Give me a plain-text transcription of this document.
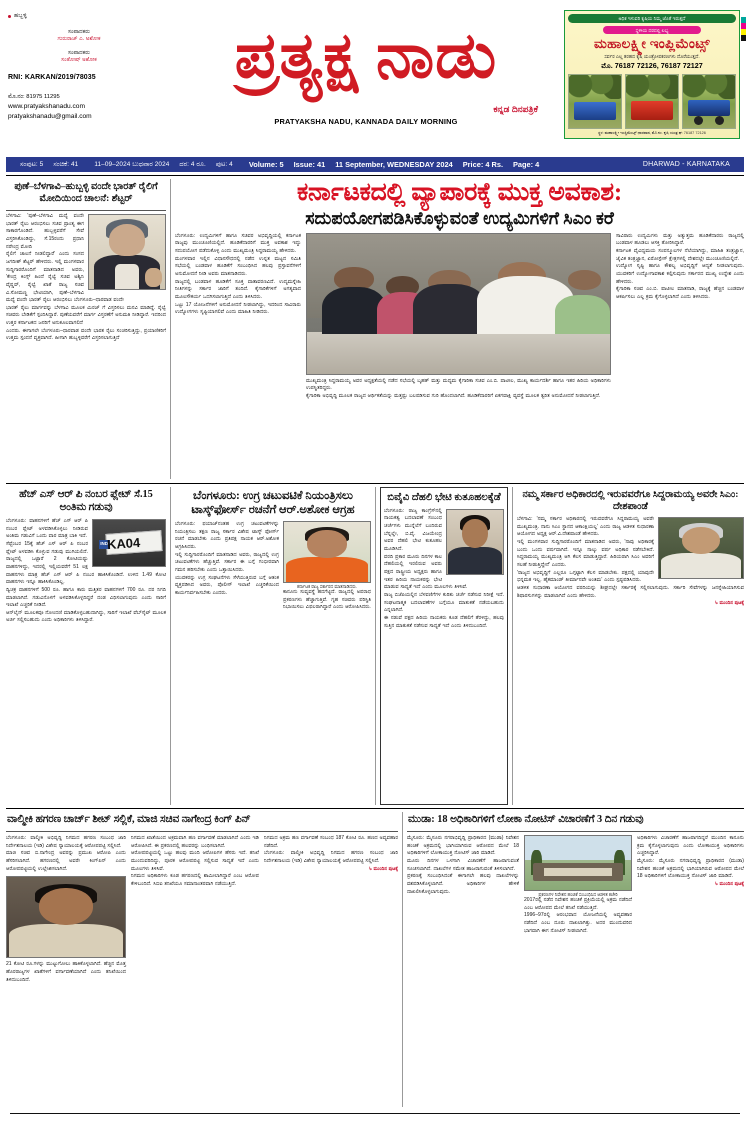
ಹಬ್ಬಳ್ಳಿ
ಸಂಪಾದಕರು
ಗುರುರಾಜ್ ಎ. ಅಶೋಕ
ಸಂಪಾದಕರು
ಸಂತೋಷ್ ಅಶೋಕ
RNI: KARKAN/2019/78035
ಮೊ.ನಂ: 81975 11295
www.pratyakshanadu.com
pratyakshanadu@gmail.com
ಪ್ರತ್ಯಕ್ಷ ನಾಡು
ಕನ್ನಡ ದಿನಪತ್ರಿಕೆ
PRATYAKSHA NADU, KANNADA DAILY MORNING
ಅಧಿಕ ಇಳುವರಿ ಕೃಷಿಯ ನಿಮ್ಮ ಜೊತೆ ಇರುತ್ತದೆ
ಸ್ಥಳೀಯ ದರದಲ್ಲಿ ಲಭ್ಯ
ಮಹಾಲಕ್ಷ್ಮೀ ಇಂಪ್ಲಿಮೆಂಟ್ಸ್
ಸರ್ವರ ಎಲ್ಲ ತರಹದ ಕೃಷಿ ಯಂತ್ರೋಪಕರಣಗಳು ದೊರೆಯುತ್ತದೆ.
ಮೊ. 76187 72126, 76187 72127
ಸ್ಥಳ: ಮಹಾಲಕ್ಷ್ಮೀ ಇಂಪ್ಲಿಮೆಂಟ್ಸ್ ಧಾರವಾಡ, ಮೊ.ನಂ. ಕೃಷಿ ಯಂತ್ರ ಘ: 76187 72126
ಸಂಪುಟ: 5 ಸಂಚಿಕೆ: 41	11–09–2024 ಬುಧವಾರ 2024 ದರ: 4 ರೂ. ಪುಟ: 4 Volume: 5 Issue: 41 11 September, WEDNESDAY 2024 Price: 4 Rs. Page: 4	DHARWAD - KARNATAKA
ಪುಣೆ–ಬೆಳಗಾವಿ–ಹುಬ್ಬಳ್ಳಿ ವಂದೇ ಭಾರತ್ ರೈಲಿಗೆ ಮೋದಿಯಿಂದ ಚಾಲನೆ: ಶೆಟ್ಟರ್

ಬೆಳಗಾವಿ: 'ಪುಣೆ–ಬೆಳಗಾವಿ ಮಧ್ಯೆ ವಂದೇ ಭಾರತ್ ರೈಲು ಆರಂಭಿಸಲು ಸಚಿವ ಪ್ರಾಂತ್ಯ ಈಗ ಸಾಕಾರಗೊಂಡಿದೆ. ಹುಬ್ಬಳ್ಳಿವರೆಗೆ ಸೇವೆ ವಿಸ್ತರಿಸಿಕೊಂಡಿದ್ದು, ಸೆ.15ರಂದು ಪ್ರಧಾನಿ ನರೇಂದ್ರ ಮೋದಿ

ರೈಲಿಗೆ ಚಾಲನೆ ನೀಡಲಿದ್ದಾರೆ' ಎಂದು ಸಂಸದ ಜಗದೀಶ್ ಶೆಟ್ಟರ್ ಹೇಳಿದರು. ಇಲ್ಲಿ ಮಂಗಳವಾರ ಸುದ್ದಿಗಾರರೊಂದಿಗೆ ಮಾತನಾಡಿದ ಅವರು, 'ಕೇಂದ್ರ ಕಿಂಗ್ಸ್ ಹಿಂದೆ ರೈಲ್ವೆ ಸಚಿವ ಅಶ್ವಿನಿ ವೈಷ್ಣವ್, ರೈಲ್ವೆ ಖಾತೆ ರಾಜ್ಯ ಸಚಿವ ವಿ.ಸೋಮಣ್ಣ ಭೇಟಿಯಾಗಿ, ಪುಣೆ–ಬೆಳಗಾವಿ ಮಧ್ಯೆ ವಂದೇ ಭಾರತ್ ರೈಲು ಆರಂಭಿಸಲು ಬೆಂಗಳೂರು–ಧಾರವಾಡ ವಂದೇ

ಭಾರತ್ ರೈಲು ಮಾರ್ಗವನ್ನು ಬೆಳಗಾವಿ ಮೂಲಕ ಮಿರಜ್ ಗೆ ವಿಸ್ತರಿಸಲು ಮನವಿ ಮಾಡಿದ್ದೆ. ರೈಲ್ವೆ ಸಚಿವರು ಬೇಡಿಕೆಗೆ ಸ್ಪಂದಿಸಿದ್ದಾರೆ. ಪುಣೆಯವರೆಗೆ ಮಾರ್ಗ ವಿಸ್ತರಣೆಗೆ ಅನುಮತಿ ನೀಡಿದ್ದಾರೆ. ಇದರಿಂದ ಉತ್ತರ ಕರ್ನಾಟಕದ ಜನರಿಗೆ ಅನುಕೂಲವಾಗಲಿದೆ

ಎಂದರು. ಈಗಾಗಲೇ ಬೆಂಗಳೂರು–ಧಾರವಾಡ ವಂದೇ ಭಾರತ ರೈಲು ಸಂಚರಿಸುತ್ತಿದ್ದು, ಪ್ರಯಾಣಿಕರಿಗೆ ಉತ್ತಮ ಸ್ಪಂದನೆ ವ್ಯಕ್ತವಾಗಿದೆ. ಹೀಗಾಗಿ ಹುಬ್ಬಳ್ಳಿವರೆಗೆ ವಿಸ್ತರಿಸಲಾಗುತ್ತಿದೆ

ಕರ್ನಾಟಕದಲ್ಲಿ ವ್ಯಾಪಾರಕ್ಕೆ ಮುಕ್ತ ಅವಕಾಶ:
ಸದುಪಯೋಗಪಡಿಸಿಕೊಳ್ಳುವಂತೆ ಉದ್ಯಮಿಗಳಿಗೆ ಸಿಎಂ ಕರೆ

ಬೆಂಗಳೂರು: ಉದ್ಯಮಿಗಳಿಗೆ ಹಾಗೂ ಸಚಿವರ ಅಭಿವೃದ್ಧಿಯಲ್ಲಿ ಕರ್ನಾಟಕ ರಾಜ್ಯವು ಮುಂಚೂಣಿಯಲ್ಲಿದೆ. ಹೂಡಿಕೆದಾರರಿಗೆ ಮುಕ್ತ ಅವಕಾಶ ಇದ್ದು ಸದುಪಯೋಗ ಪಡೆದುಕೊಳ್ಳಿ ಎಂದು ಮುಖ್ಯಮಂತ್ರಿ ಸಿದ್ದರಾಮಯ್ಯ ಹೇಳಿದರು.

ಮಂಗಳವಾರ ಇಲ್ಲಿನ ವಿಧಾನಸೌಧದಲ್ಲಿ ನಡೆದ ಉನ್ನತ ಮಟ್ಟದ ಸಮಿತಿ ಸಭೆಯಲ್ಲಿ ಬಂಡವಾಳ ಹೂಡಿಕೆಗೆ ಸಂಬಂಧಿಸಿದ ಹಲವು ಪ್ರಸ್ತಾವನೆಗಳಿಗೆ ಅನುಮೋದನೆ ನೀಡಿ ಅವರು ಮಾತನಾಡಿದರು.

ರಾಜ್ಯದಲ್ಲಿ ಬಂಡವಾಳ ಹೂಡಿಕೆಗೆ ಸೂಕ್ತ ವಾತಾವರಣವಿದೆ. ಉದ್ಯಮಸ್ನೇಹಿ ನೀತಿಗಳನ್ನು ಸರ್ಕಾರ ಜಾರಿಗೆ ತಂದಿದೆ. ಕೈಗಾರಿಕೆಗಳಿಗೆ ಅಗತ್ಯವಾದ ಮೂಲಸೌಕರ್ಯ ಒದಗಿಸಲಾಗುತ್ತಿದೆ ಎಂದು ತಿಳಿಸಿದರು.

ಒಟ್ಟು 17 ಯೋಜನೆಗಳಿಗೆ ಅನುಮೋದನೆ ನೀಡಲಾಗಿದ್ದು, ಇದರಿಂದ ಸಾವಿರಾರು ಉದ್ಯೋಗಗಳು ಸೃಷ್ಟಿಯಾಗಲಿವೆ ಎಂದು ಮಾಹಿತಿ ನೀಡಿದರು.

ಮುಖ್ಯಮಂತ್ರಿ ಸಿದ್ದರಾಮಯ್ಯ ಅವರ ಅಧ್ಯಕ್ಷತೆಯಲ್ಲಿ ನಡೆದ ಸಭೆಯಲ್ಲಿ ಬೃಹತ್ ಮತ್ತು ಮಧ್ಯಮ ಕೈಗಾರಿಕಾ ಸಚಿವ ಎಂ.ಬಿ. ಪಾಟೀಲ, ಮುಖ್ಯ ಕಾರ್ಯದರ್ಶಿ ಹಾಗೂ ಇತರ ಹಿರಿಯ ಅಧಿಕಾರಿಗಳು ಉಪಸ್ಥಿತರಿದ್ದರು.

ಕೈಗಾರಿಕಾ ಅಭಿವೃದ್ಧಿ ಮೂಲಕ ರಾಜ್ಯದ ಆರ್ಥಿಕತೆಯನ್ನು ಮತ್ತಷ್ಟು ಬಲಪಡಿಸುವ ಗುರಿ ಹೊಂದಲಾಗಿದೆ. ಹೂಡಿಕೆದಾರರಿಗೆ ಏಕಗವಾಕ್ಷಿ ವ್ಯವಸ್ಥೆ ಮೂಲಕ ತ್ವರಿತ ಅನುಮೋದನೆ ನೀಡಲಾಗುತ್ತಿದೆ.

ಸಾವಿರಾರು ಉದ್ಯಮಿಗಳು ಮತ್ತು ಅತ್ಯುತ್ತಮ ಹೂಡಿಕೆದಾರರು ರಾಜ್ಯದಲ್ಲಿ ಬಂಡವಾಳ ಹೂಡಲು ಆಸಕ್ತಿ ತೋರಿಸಿದ್ದಾರೆ.

ಕರ್ನಾಟಕ ವೈವಿಧ್ಯಮಯ ಸಂಪನ್ಮೂಲಗಳ ನೆಲೆಯಾಗಿದ್ದು, ಮಾಹಿತಿ ತಂತ್ರಜ್ಞಾನ, ಜೈವಿಕ ತಂತ್ರಜ್ಞಾನ, ಏರೋಸ್ಪೇಸ್ ಕ್ಷೇತ್ರಗಳಲ್ಲಿ ದೇಶದಲ್ಲೇ ಮುಂಚೂಣಿಯಲ್ಲಿದೆ.

ಉದ್ಯೋಗ ಸೃಷ್ಟಿ ಹಾಗೂ ಕೌಶಲ್ಯ ಅಭಿವೃದ್ಧಿಗೆ ಆದ್ಯತೆ ನೀಡಲಾಗುವುದು. ಯುವಕರಿಗೆ ಉದ್ಯೋಗಾವಕಾಶ ಕಲ್ಪಿಸುವುದು ಸರ್ಕಾರದ ಮುಖ್ಯ ಉದ್ದೇಶ ಎಂದು ಹೇಳಿದರು.

ಕೈಗಾರಿಕಾ ಸಚಿವ ಎಂ.ಬಿ. ಪಾಟೀಲ ಮಾತನಾಡಿ, ರಾಜ್ಯಕ್ಕೆ ಹೆಚ್ಚಿನ ಬಂಡವಾಳ ಆಕರ್ಷಿಸಲು ಎಲ್ಲ ಕ್ರಮ ಕೈಗೊಳ್ಳಲಾಗಿದೆ ಎಂದು ತಿಳಿಸಿದರು.

ಹೆಚ್ ಎಸ್ ಆರ್ ಪಿ ನಂಬರ ಪ್ಲೇಟ್ ಸೆ.15 ಅಂತಿಮ ಗಡುವು
IND
KA04

ಬೆಂಗಳೂರು: ವಾಹನಗಳಿಗೆ ಹೆಚ್ ಎಸ್ ಆರ್ ಪಿ ನಂಬರ ಪ್ಲೇಟ್ ಅಳವಡಿಸಿಕೊಳ್ಳಲು ನೀಡಿರುವ ಅಂತಿಮ ಗಡುವಿಗೆ ಒಂದು ವಾರ ಮಾತ್ರ ಬಾಕಿ ಇದೆ.

ಸೆಪ್ಟೆಂಬರ 15ಕ್ಕೆ ಹೆಚ್ ಎಸ್ ಆರ್ ಪಿ ನಂಬರ ಪ್ಲೇಟ್ ಅಳವಡಿಸಿ ಕೊಳ್ಳುವ ಗಡುವು ಮುಗಿಯಲಿದೆ. ರಾಜ್ಯದಲ್ಲಿ ಒಟ್ಟಾರೆ 2 ಕೋಟಿಯಷ್ಟು ವಾಹನಗಳಿದ್ದು, ಇದರಲ್ಲಿ ಇಲ್ಲಿಯವರೆಗೆ 51 ಲಕ್ಷ ವಾಹನಗಳು ಮಾತ್ರ ಹೆಚ್ ಎಸ್ ಆರ್ ಪಿ ನಂಬರ ಹಾಕಿಸಿಕೊಂಡಿದೆ. ಉಳಿದ 1.49 ಕೋಟಿ ವಾಹನಗಳು ಇನ್ನೂ ಹಾಕಿಸಿಕೊಂಡಿಲ್ಲ.

ದ್ವಿಚಕ್ರ ವಾಹನಗಳಿಗೆ 500 ರೂ. ಹಾಗೂ ಕಾರು ಮತ್ತಿತರ ವಾಹನಗಳಿಗೆ 700 ರೂ. ದರ ನಿಗದಿ ಮಾಡಲಾಗಿದೆ. ಗಡುವಿನೊಳಗೆ ಅಳವಡಿಸಿಕೊಳ್ಳದಿದ್ದರೆ ದಂಡ ವಿಧಿಸಲಾಗುವುದು ಎಂದು ಸಾರಿಗೆ ಇಲಾಖೆ ಎಚ್ಚರಿಕೆ ನೀಡಿದೆ.

ಆನ್‌ಲೈನ್ ಮೂಲಕವೂ ನೋಂದಣಿ ಮಾಡಿಕೊಳ್ಳಬಹುದಾಗಿದ್ದು, ಸಾರಿಗೆ ಇಲಾಖೆ ವೆಬ್‌ಸೈಟ್ ಮೂಲಕ ಅರ್ಜಿ ಸಲ್ಲಿಸಬಹುದು ಎಂದು ಅಧಿಕಾರಿಗಳು ತಿಳಿಸಿದ್ದಾರೆ.

ಬೆಂಗಳೂರು: ಉಗ್ರ ಚಟುವಟಿಕೆ ನಿಯಂತ್ರಿಸಲು ಟಾಸ್ಕ್‌ಫೋರ್ಸ್ ರಚನೆಗೆ ಆರ್.ಅಶೋಕ ಆಗ್ರಹ

ಬೆಂಗಳೂರು: ಫಯಾಜ್‌ನಂತಹ ಉಗ್ರ ಚಟುವಟಿಕೆಗಳನ್ನು ನಿಯಂತ್ರಿಸಲು ತಕ್ಷಣ ರಾಜ್ಯ ಸರ್ಕಾರ ವಿಶೇಷ ಟಾಸ್ಕ್ ಫೋರ್ಸ್ ರಚನೆ ಮಾಡಬೇಕು ಎಂದು ಪ್ರತಿಪಕ್ಷ ನಾಯಕ ಆರ್.ಅಶೋಕ ಆಗ್ರಹಿಸಿದರು.

ಇಲ್ಲಿ ಸುದ್ದಿಗಾರರೊಂದಿಗೆ ಮಾತನಾಡಿದ ಅವರು, ರಾಜ್ಯದಲ್ಲಿ ಉಗ್ರ ಚಟುವಟಿಕೆಗಳು ಹೆಚ್ಚುತ್ತಿವೆ. ಸರ್ಕಾರ ಈ ಬಗ್ಗೆ ಗಂಭೀರವಾಗಿ ಗಮನ ಹರಿಸಬೇಕು ಎಂದು ಒತ್ತಾಯಿಸಿದರು.

ಯುವಕರನ್ನು ಉಗ್ರ ಸಂಘಟನೆಗಳು ಸೆಳೆಯುತ್ತಿರುವ ಬಗ್ಗೆ ಆತಂಕ ವ್ಯಕ್ತಪಡಿಸಿದ ಅವರು, ಪೊಲೀಸ್ ಇಲಾಖೆ ಎಚ್ಚರಿಕೆಯಿಂದ ಕಾರ್ಯನಿರ್ವಹಿಸಬೇಕು ಎಂದರು.

ಕರ್ನಾಟಕ ರಾಜ್ಯ ಸರ್ಕಾರದ ಮಾತನಾಡಿದರು.

ಕಾನೂನು ಸುವ್ಯವಸ್ಥೆ ಹದಗೆಟ್ಟಿದೆ. ರಾಜ್ಯದಲ್ಲಿ ಅಪರಾಧ ಪ್ರಕರಣಗಳು ಹೆಚ್ಚಾಗುತ್ತಿವೆ. ಗೃಹ ಸಚಿವರು ಪರಿಸ್ಥಿತಿ ನಿಭಾಯಿಸಲು ವಿಫಲರಾಗಿದ್ದಾರೆ ಎಂದು ಆರೋಪಿಸಿದರು.

ಬಿವೈವಿ ದೆಹಲಿ ಭೇಟಿ ಕುತೂಹಲಕ್ಕೆಡೆ

ಬೆಂಗಳೂರು: ರಾಜ್ಯ ಕಾಂಗ್ರೆಸ್‌ನಲ್ಲಿ ನಾಯಕತ್ವ ಬದಲಾವಣೆ ಸಂಬಂಧ ಚರ್ಚೆಗಳು ಮುನ್ನೆಲೆಗೆ ಬಂದಿರುವ ಬೆನ್ನಲ್ಲೇ, ಬಿ.ವೈ. ವಿಜಯೇಂದ್ರ ಅವರ ದೆಹಲಿ ಭೇಟಿ ಕುತೂಹಲ ಮೂಡಿಸಿದೆ.

ವರದಿ ಪ್ರಕಾರ ಮೂರು ದಿನಗಳ ಕಾಲ ದೆಹಲಿಯಲ್ಲಿ ಇರಲಿರುವ ಅವರು ಪಕ್ಷದ ರಾಷ್ಟ್ರೀಯ ಅಧ್ಯಕ್ಷರು ಹಾಗೂ ಇತರ ಹಿರಿಯ ನಾಯಕರನ್ನು ಭೇಟಿ ಮಾಡುವ ಸಾಧ್ಯತೆ ಇದೆ ಎಂದು ಮೂಲಗಳು ತಿಳಿಸಿವೆ.

ರಾಜ್ಯ ಬಿಜೆಪಿಯಲ್ಲಿನ ಬೆಳವಣಿಗೆಗಳ ಕುರಿತು ಚರ್ಚೆ ನಡೆಸುವ ನಿರೀಕ್ಷೆ ಇದೆ. ಸಂಘಟನಾತ್ಮಕ ಬದಲಾವಣೆಗಳ ಬಗ್ಗೆಯೂ ಮಾತುಕತೆ ನಡೆಯಬಹುದು ಎನ್ನಲಾಗಿದೆ.

ಈ ನಡುವೆ ಪಕ್ಷದ ಹಿರಿಯ ನಾಯಕರು ಕೂಡ ದೆಹಲಿಗೆ ತೆರಳಿದ್ದು, ಹಲವು ಸುತ್ತಿನ ಮಾತುಕತೆ ನಡೆಸುವ ಸಾಧ್ಯತೆ ಇದೆ ಎಂದು ತಿಳಿದುಬಂದಿದೆ.

ನಮ್ಮ ಸರ್ಕಾರ ಅಧಿಕಾರದಲ್ಲಿ ಇರುವವರೆಗೂ ಸಿದ್ದರಾಮಯ್ಯ ಅವರೇ ಸಿಎಂ: ದೇಶಪಾಂಡೆ

ಬೆಳಗಾವಿ: 'ನಮ್ಮ ಸರ್ಕಾರ ಅಧಿಕಾರದಲ್ಲಿ ಇರುವವರೆಗೂ ಸಿದ್ದರಾಮಯ್ಯ ಅವರೇ ಮುಖ್ಯಮಂತ್ರಿ. ನಾನು ಸಿಎಂ ಸ್ಥಾನದ ಆಕಾಂಕ್ಷಿಯಲ್ಲ' ಎಂದು ರಾಜ್ಯ ಆಡಳಿತ ಸುಧಾರಣಾ ಆಯೋಗದ ಅಧ್ಯಕ್ಷ ಆರ್.ವಿ.ದೇಶಪಾಂಡೆ ಹೇಳಿದರು.

ಇಲ್ಲಿ ಮಂಗಳವಾರ ಸುದ್ದಿಗಾರರೊಂದಿಗೆ ಮಾತನಾಡಿದ ಅವರು, 'ನಾವು ಅಧಿಕಾರಕ್ಕೆ ಬಂದು ಒಂದು ವರ್ಷವಾಗಿದೆ. ಇನ್ನೂ ನಾಲ್ಕು ವರ್ಷ ಅಧಿಕಾರ ನಡೆಸಬೇಕಿದೆ. ಸಿದ್ದರಾಮಯ್ಯ ಮುಖ್ಯಮಂತ್ರಿ ಆಗಿ ಕೆಲಸ ಮಾಡುತ್ತಿದ್ದಾರೆ. ಹಿರಿಯರಾಗಿ ಸಿಎಂ ಅವರಿಗೆ ಸಲಹೆ ನೀಡುತ್ತಿದ್ದೇನೆ' ಎಂದರು.

'ರಾಜ್ಯದ ಅಭಿವೃದ್ಧಿಗೆ ಎಲ್ಲರೂ ಒಗ್ಗಟ್ಟಾಗಿ ಕೆಲಸ ಮಾಡಬೇಕು. ಪಕ್ಷದಲ್ಲಿ ಯಾವುದೇ ಭಿನ್ನಮತ ಇಲ್ಲ. ಹೈಕಮಾಂಡ್ ತೀರ್ಮಾನವೇ ಅಂತಿಮ' ಎಂದು ಸ್ಪಷ್ಟಪಡಿಸಿದರು.

ಆಡಳಿತ ಸುಧಾರಣಾ ಆಯೋಗದ ವರದಿಯನ್ನು ಶೀಘ್ರದಲ್ಲೇ ಸರ್ಕಾರಕ್ಕೆ ಸಲ್ಲಿಸಲಾಗುವುದು. ಸರ್ಕಾರಿ ಸೇವೆಗಳನ್ನು ಜನಸ್ನೇಹಿಯಾಗಿಸುವ ಶಿಫಾರಸುಗಳನ್ನು ಮಾಡಲಾಗಿದೆ ಎಂದು ಹೇಳಿದರು.

↳ಮುಂದಿನ ಪುಟಕ್ಕೆ
ವಾಲ್ಮೀಕಿ ಹಗರಣ ಚಾರ್ಜ್ ಶೀಟ್ ಸಲ್ಲಿಕೆ, ಮಾಜಿ ಸಚಿವ ನಾಗೇಂದ್ರ ಕಿಂಗ್ ಪಿನ್

ಬೆಂಗಳೂರು: ವಾಲ್ಮೀಕಿ ಅಭಿವೃದ್ಧಿ ನಿಗಮದ ಹಗರಣ ಸಂಬಂಧ ಜಾರಿ ನಿರ್ದೇಶನಾಲಯ (ಇಡಿ) ವಿಶೇಷ ನ್ಯಾಯಾಲಯಕ್ಕೆ ಆರೋಪಪಟ್ಟಿ ಸಲ್ಲಿಸಿದೆ.

ಮಾಜಿ ಸಚಿವ ಬಿ.ನಾಗೇಂದ್ರ ಅವರನ್ನು ಪ್ರಮುಖ ಆರೋಪಿ ಎಂದು ಹೆಸರಿಸಲಾಗಿದೆ. ಹಗರಣದಲ್ಲಿ ಅವರೇ ಕಿಂಗ್‌ಪಿನ್ ಎಂದು ಆರೋಪಪಟ್ಟಿಯಲ್ಲಿ ಉಲ್ಲೇಖಿಸಲಾಗಿದೆ.

21 ಕೋಟಿ ರೂ.ಗಳನ್ನು ಮುಟ್ಟುಗೋಲು ಹಾಕಿಕೊಳ್ಳಲಾಗಿದೆ. ಹೆಚ್ಚಿನ ಮೊತ್ತ ಹೊರರಾಜ್ಯಗಳ ಖಾತೆಗಳಿಗೆ ವರ್ಗಾವಣೆಯಾಗಿದೆ ಎಂದು ತನಿಖೆಯಿಂದ ತಿಳಿದುಬಂದಿದೆ.

ನಿಗಮದ ಖಾತೆಯಿಂದ ಅಕ್ರಮವಾಗಿ ಹಣ ವರ್ಗಾವಣೆ ಮಾಡಲಾಗಿದೆ ಎಂದು ಇಡಿ ಆರೋಪಿಸಿದೆ. ಈ ಪ್ರಕರಣದಲ್ಲಿ ಹಲವರನ್ನು ಬಂಧಿಸಲಾಗಿದೆ.

ಆರೋಪಪಟ್ಟಿಯಲ್ಲಿ ಒಟ್ಟು ಹಲವು ಮಂದಿ ಆರೋಪಿಗಳ ಹೆಸರು ಇದೆ. ತನಿಖೆ ಮುಂದುವರಿದಿದ್ದು, ಪೂರಕ ಆರೋಪಪಟ್ಟಿ ಸಲ್ಲಿಸುವ ಸಾಧ್ಯತೆ ಇದೆ ಎಂದು ಮೂಲಗಳು ತಿಳಿಸಿವೆ.

ನಿಗಮದ ಅಧಿಕಾರಿಗಳು ಕೂಡ ಹಗರಣದಲ್ಲಿ ಶಾಮೀಲಾಗಿದ್ದಾರೆ ಎಂಬ ಆರೋಪ ಕೇಳಿಬಂದಿದೆ. ಸಿಬಿಐ ತನಿಖೆಯೂ ಸಮಾನಾಂತರವಾಗಿ ನಡೆಯುತ್ತಿದೆ.

ನಿಗಮದ ಅಕ್ರಮ ಹಣ ವರ್ಗಾವಣೆ ಸಂಬಂಧ 187 ಕೋಟಿ ರೂ. ಹಣದ ಅವ್ಯವಹಾರ ನಡೆದಿದೆ.

ಬೆಂಗಳೂರು: ವಾಲ್ಮೀಕಿ ಅಭಿವೃದ್ಧಿ ನಿಗಮದ ಹಗರಣ ಸಂಬಂಧ ಜಾರಿ ನಿರ್ದೇಶನಾಲಯ (ಇಡಿ) ವಿಶೇಷ ನ್ಯಾಯಾಲಯಕ್ಕೆ ಆರೋಪಪಟ್ಟಿ ಸಲ್ಲಿಸಿದೆ.

↳ಮುಂದಿನ ಪುಟಕ್ಕೆ
ಮುಡಾ: 18 ಅಧಿಕಾರಿಗಳಿಗೆ ಲೋಕಾ ನೋಟಿಸ್ ವಿಚಾರಣೆಗೆ 3 ದಿನ ಗಡುವು

ಮೈಸೂರು: ಮೈಸೂರು ನಗರಾಭಿವೃದ್ಧಿ ಪ್ರಾಧಿಕಾರದ (ಮುಡಾ) ನಿವೇಶನ ಹಂಚಿಕೆ ಅಕ್ರಮದಲ್ಲಿ ಭಾಗಿಯಾಗಿರುವ ಆರೋಪದ ಮೇಲೆ 18 ಅಧಿಕಾರಿಗಳಿಗೆ ಲೋಕಾಯುಕ್ತ ನೋಟಿಸ್ ಜಾರಿ ಮಾಡಿದೆ.

ಮೂರು ದಿನಗಳ ಒಳಗಾಗಿ ವಿಚಾರಣೆಗೆ ಹಾಜರಾಗುವಂತೆ ಸೂಚಿಸಲಾಗಿದೆ. ದಾಖಲೆಗಳ ಸಮೇತ ಹಾಜರಾಗುವಂತೆ ತಿಳಿಸಲಾಗಿದೆ.

ಪ್ರಕರಣಕ್ಕೆ ಸಂಬಂಧಿಸಿದಂತೆ ಈಗಾಗಲೇ ಹಲವು ದಾಖಲೆಗಳನ್ನು ವಶಪಡಿಸಿಕೊಳ್ಳಲಾಗಿದೆ. ಅಧಿಕಾರಿಗಳ ಹೇಳಿಕೆ ದಾಖಲಿಸಿಕೊಳ್ಳಲಾಗುವುದು.	ಪ್ರಕರಣಗಳ ನಿವೇಶನ ಹಂಚಿಕೆ ಸಂಬಂಧಿಸಿದ ಆಡಳಿತ ಕಚೇರಿ

2017ರಲ್ಲಿ ನಡೆದ ನಿವೇಶನ ಹಂಚಿಕೆ ಪ್ರಕ್ರಿಯೆಯಲ್ಲಿ ಅಕ್ರಮ ನಡೆದಿದೆ ಎಂಬ ಆರೋಪದ ಮೇಲೆ ತನಿಖೆ ನಡೆಯುತ್ತಿದೆ.

1996–97ರಲ್ಲಿ ಆರಂಭವಾದ ಯೋಜನೆಯಲ್ಲಿ ಅವ್ಯವಹಾರ ನಡೆದಿದೆ ಎಂಬ ದೂರು ದಾಖಲಾಗಿತ್ತು. ಅದರ ಮುಂದುವರಿದ ಭಾಗವಾಗಿ ಈಗ ನೋಟಿಸ್ ನೀಡಲಾಗಿದೆ.

ಅಧಿಕಾರಿಗಳು ವಿಚಾರಣೆಗೆ ಹಾಜರಾಗದಿದ್ದರೆ ಮುಂದಿನ ಕಾನೂನು ಕ್ರಮ ಕೈಗೊಳ್ಳಲಾಗುವುದು ಎಂದು ಲೋಕಾಯುಕ್ತ ಅಧಿಕಾರಿಗಳು ಎಚ್ಚರಿಸಿದ್ದಾರೆ.

ಮೈಸೂರು: ಮೈಸೂರು ನಗರಾಭಿವೃದ್ಧಿ ಪ್ರಾಧಿಕಾರದ (ಮುಡಾ) ನಿವೇಶನ ಹಂಚಿಕೆ ಅಕ್ರಮದಲ್ಲಿ ಭಾಗಿಯಾಗಿರುವ ಆರೋಪದ ಮೇಲೆ 18 ಅಧಿಕಾರಿಗಳಿಗೆ ಲೋಕಾಯುಕ್ತ ನೋಟಿಸ್ ಜಾರಿ ಮಾಡಿದೆ.

↳ಮುಂದಿನ ಪುಟಕ್ಕೆ
